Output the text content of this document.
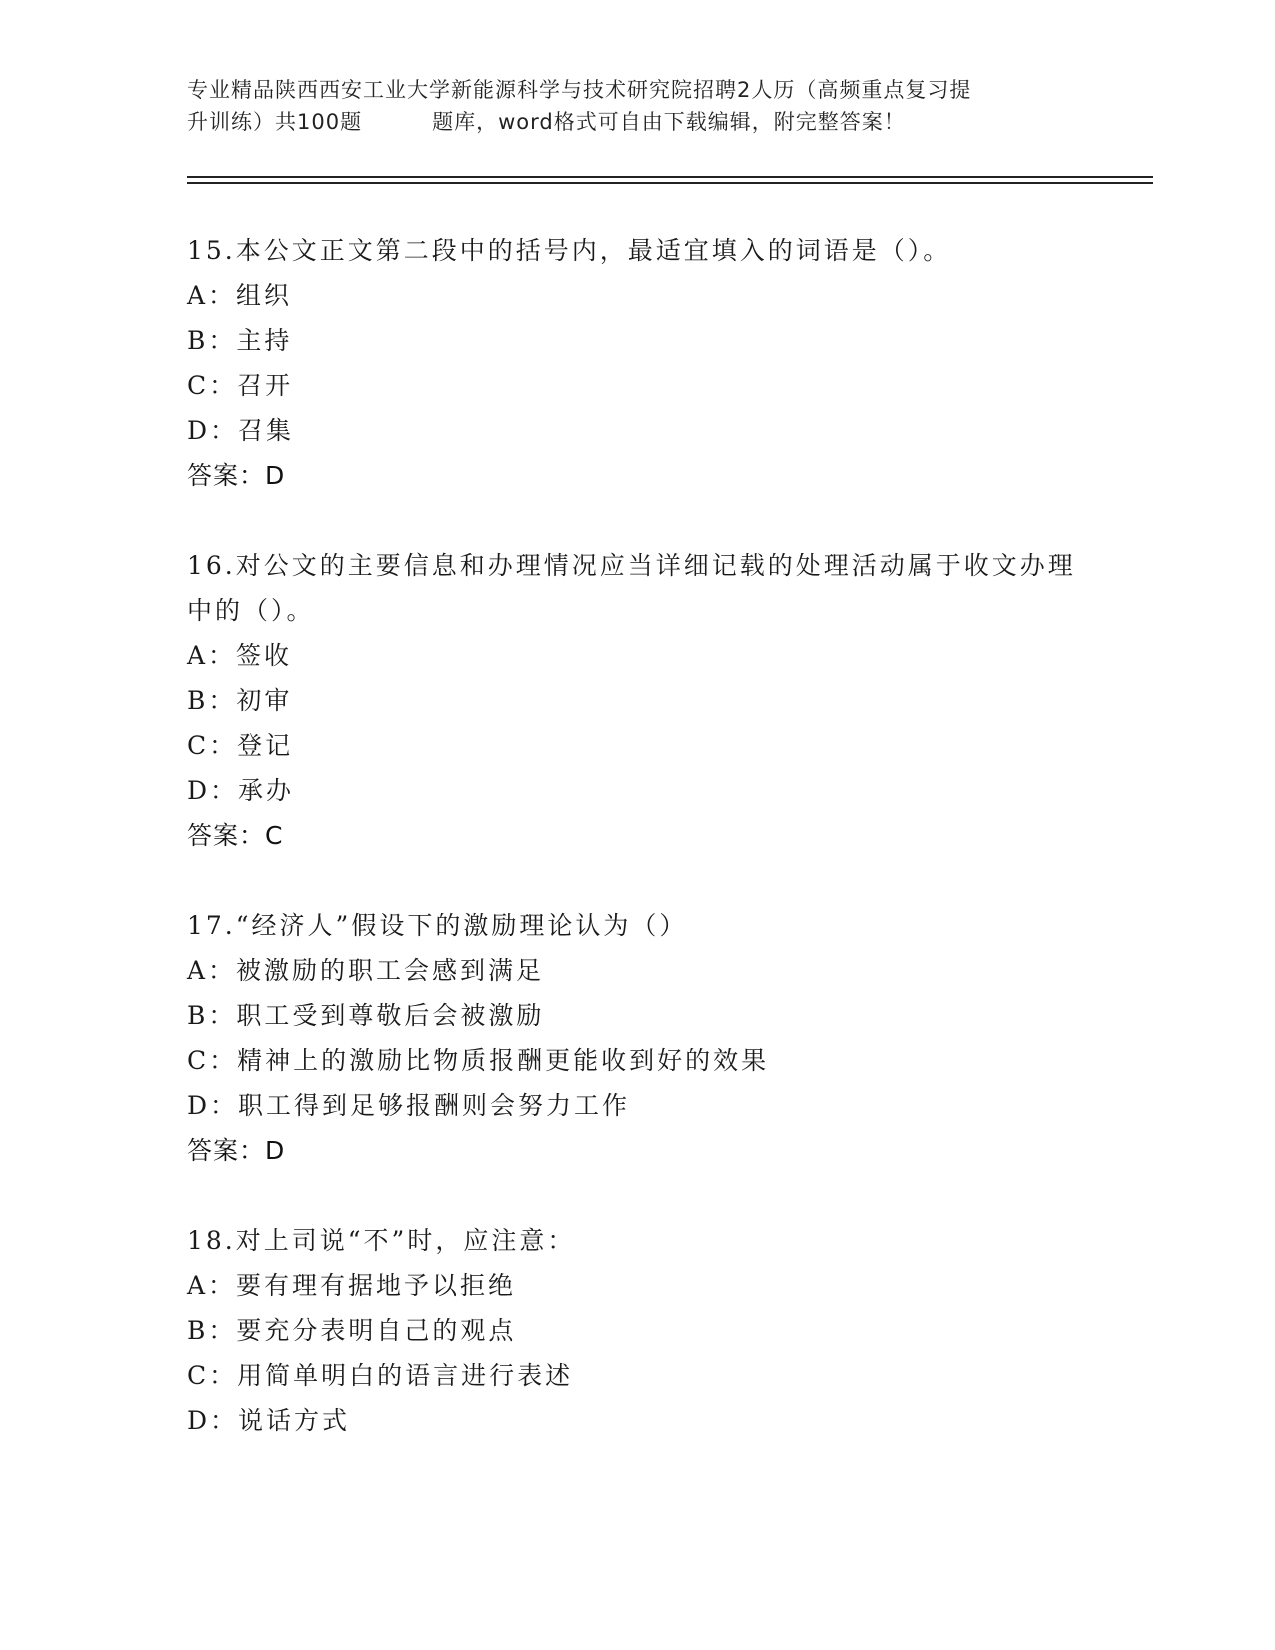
专业精品陕西西安工业大学新能源科学与技术研究院招聘2人历（高频重点复习提
升训练）共100题	题库，word格式可自由下载编辑，附完整答案！

15.本公文正文第二段中的括号内，最适宜填入的词语是（）。

A：组织

B：主持

C：召开

D：召集

答案：D

16.对公文的主要信息和办理情况应当详细记载的处理活动属于收文办理中的（）。

A：签收

B：初审

C：登记

D：承办

答案：C

17.“经济人”假设下的激励理论认为（）

A：被激励的职工会感到满足

B：职工受到尊敬后会被激励

C：精神上的激励比物质报酬更能收到好的效果

D：职工得到足够报酬则会努力工作

答案：D

18.对上司说“不”时，应注意：

A：要有理有据地予以拒绝

B：要充分表明自己的观点

C：用简单明白的语言进行表述

D：说话方式
